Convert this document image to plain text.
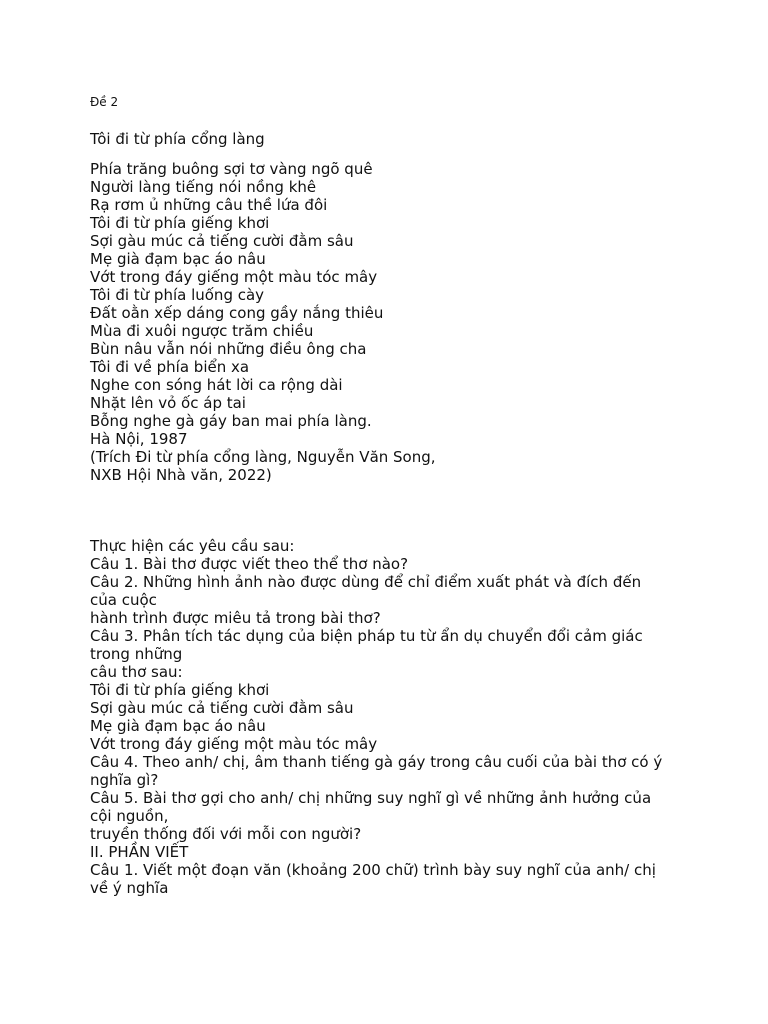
Đề 2
Tôi đi từ phía cổng làng
Phía trăng buông sợi tơ vàng ngõ quê
Người làng tiếng nói nồng khê
Rạ rơm ủ những câu thề lứa đôi
Tôi đi từ phía giếng khơi
Sợi gàu múc cả tiếng cười đằm sâu
Mẹ già đạm bạc áo nâu
Vớt trong đáy giếng một màu tóc mây
Tôi đi từ phía luống cày
Đất oằn xếp dáng cong gầy nắng thiêu
Mùa đi xuôi ngược trăm chiều
Bùn nâu vẫn nói những điều ông cha
Tôi đi về phía biển xa
Nghe con sóng hát lời ca rộng dài
Nhặt lên vỏ ốc áp tai
Bỗng nghe gà gáy ban mai phía làng.
Hà Nội, 1987
(Trích Đi từ phía cổng làng, Nguyễn Văn Song,
NXB Hội Nhà văn, 2022)
Thực hiện các yêu cầu sau:
Câu 1. Bài thơ được viết theo thể thơ nào?
Câu 2. Những hình ảnh nào được dùng để chỉ điểm xuất phát và đích đến
của cuộc
hành trình được miêu tả trong bài thơ?
Câu 3. Phân tích tác dụng của biện pháp tu từ ẩn dụ chuyển đổi cảm giác
trong những
câu thơ sau:
Tôi đi từ phía giếng khơi
Sợi gàu múc cả tiếng cười đằm sâu
Mẹ già đạm bạc áo nâu
Vớt trong đáy giếng một màu tóc mây
Câu 4. Theo anh/ chị, âm thanh tiếng gà gáy trong câu cuối của bài thơ có ý
nghĩa gì?
Câu 5. Bài thơ gợi cho anh/ chị những suy nghĩ gì về những ảnh hưởng của
cội nguồn,
truyền thống đối với mỗi con người?
II. PHẦN VIẾT
Câu 1. Viết một đoạn văn (khoảng 200 chữ) trình bày suy nghĩ của anh/ chị
về ý nghĩa
